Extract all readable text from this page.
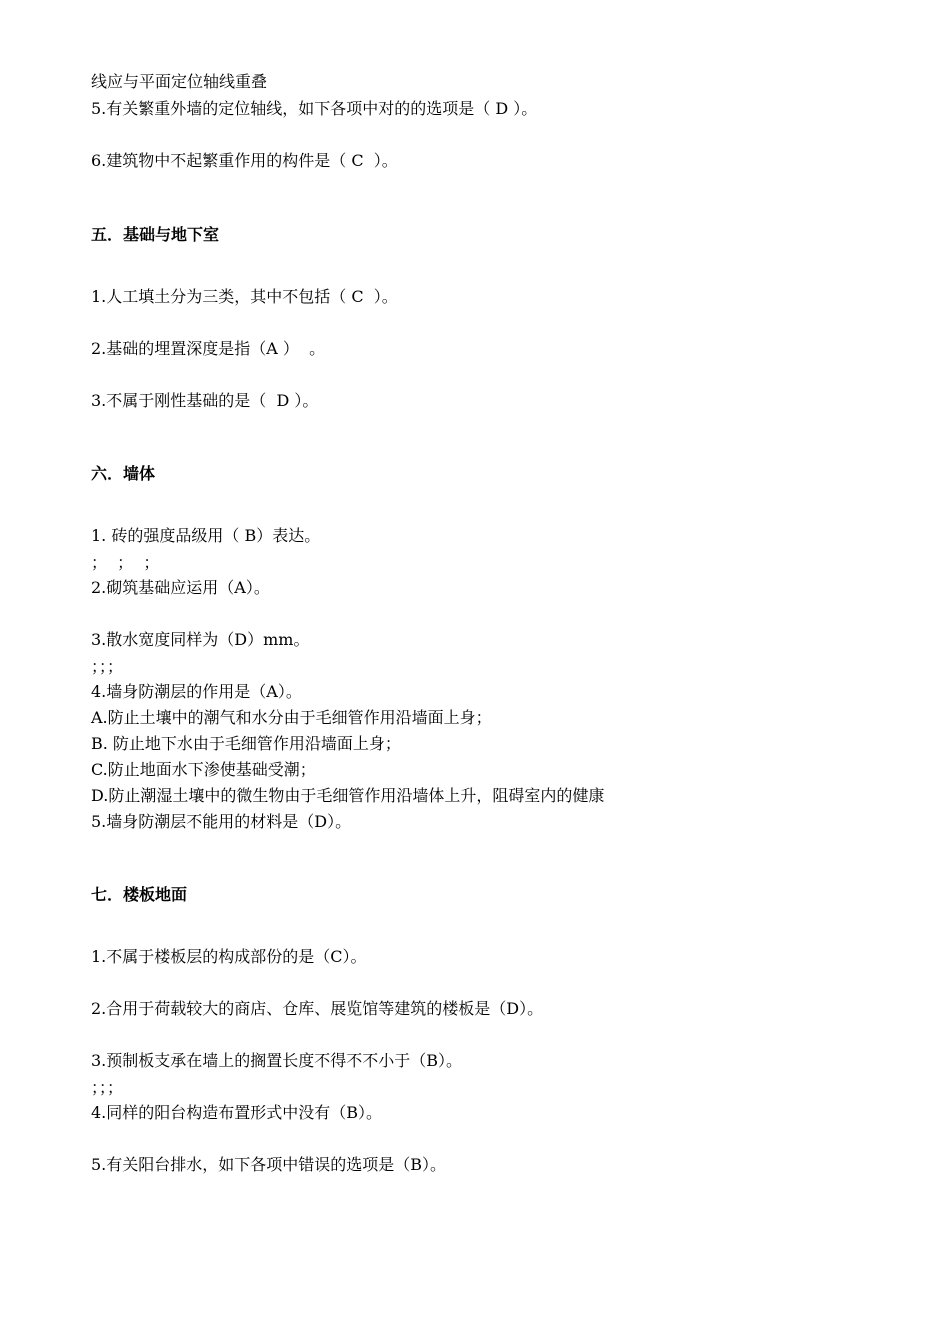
线应与平面定位轴线重叠
5.有关繁重外墙的定位轴线，如下各项中对的的选项是（ D ）。
6.建筑物中不起繁重作用的构件是（ C  ）。
五．基础与地下室
1.人工填土分为三类，其中不包括（ C  ）。
2.基础的埋置深度是指（A ）  。
3.不属于刚性基础的是（  D ）。
六．墙体
1. 砖的强度品级用（ B）表达。
；  ；  ；
2.砌筑基础应运用（A）。
3.散水宽度同样为（D）mm。
；；；
4.墙身防潮层的作用是（A）。
A.防止土壤中的潮气和水分由于毛细管作用沿墙面上身；
B. 防止地下水由于毛细管作用沿墙面上身；
C.防止地面水下渗使基础受潮；
D.防止潮湿土壤中的微生物由于毛细管作用沿墙体上升，阻碍室内的健康
5.墙身防潮层不能用的材料是（D）。
七．楼板地面
1.不属于楼板层的构成部份的是（C）。
2.合用于荷载较大的商店、仓库、展览馆等建筑的楼板是（D）。
3.预制板支承在墙上的搁置长度不得不不小于（B）。
；；；
4.同样的阳台构造布置形式中没有（B）。
5.有关阳台排水，如下各项中错误的选项是（B）。
